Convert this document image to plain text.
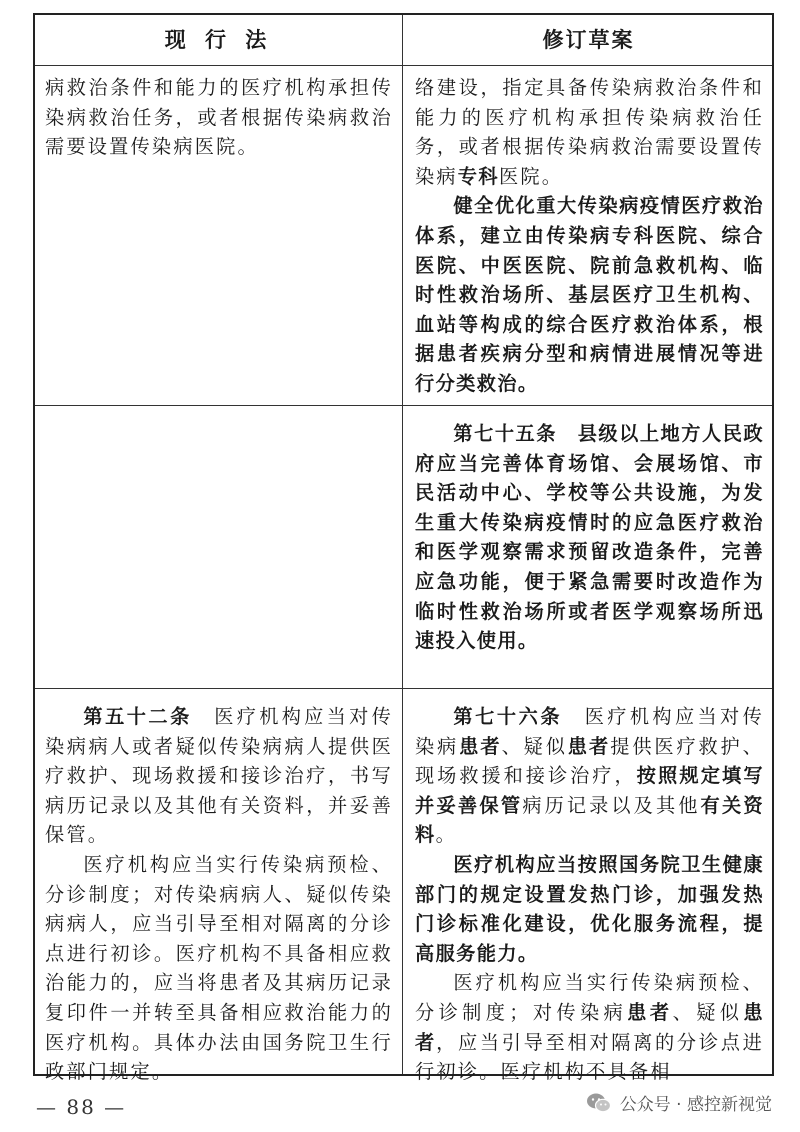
现 行 法	修订草案

病救治条件和能力的医疗机构承担传染病救治任务，或者根据传染病救治需要设置传染病医院。

络建设，指定具备传染病救治条件和能力的医疗机构承担传染病救治任务，或者根据传染病救治需要设置传染病专科医院。

健全优化重大传染病疫情医疗救治体系，建立由传染病专科医院、综合医院、中医医院、院前急救机构、临时性救治场所、基层医疗卫生机构、血站等构成的综合医疗救治体系，根据患者疾病分型和病情进展情况等进行分类救治。

第七十五条　 县级以上地方人民政府应当完善体育场馆、会展场馆、市民活动中心、学校等公共设施，为发生重大传染病疫情时的应急医疗救治和医学观察需求预留改造条件，完善应急功能，便于紧急需要时改造作为临时性救治场所或者医学观察场所迅速投入使用。

第五十二条　 医疗机构应当对传染病病人或者疑似传染病病人提供医疗救护、现场救援和接诊治疗，书写病历记录以及其他有关资料，并妥善保管。

医疗机构应当实行传染病预检、分诊制度；对传染病病人、疑似传染病病人，应当引导至相对隔离的分诊点进行初诊。医疗机构不具备相应救治能力的，应当将患者及其病历记录复印件一并转至具备相应救治能力的医疗机构。具体办法由国务院卫生行政部门规定。

第七十六条　 医疗机构应当对传染病患者、疑似患者提供医疗救护、现场救援和接诊治疗，按照规定填写并妥善保管病历记录以及其他有关资料。

医疗机构应当按照国务院卫生健康部门的规定设置发热门诊，加强发热门诊标准化建设，优化服务流程，提高服务能力。

医疗机构应当实行传染病预检、分诊制度；对传染病患者、疑似患者，应当引导至相对隔离的分诊点进行初诊。医疗机构不具备相

— 88 —	公众号 · 感控新视觉
